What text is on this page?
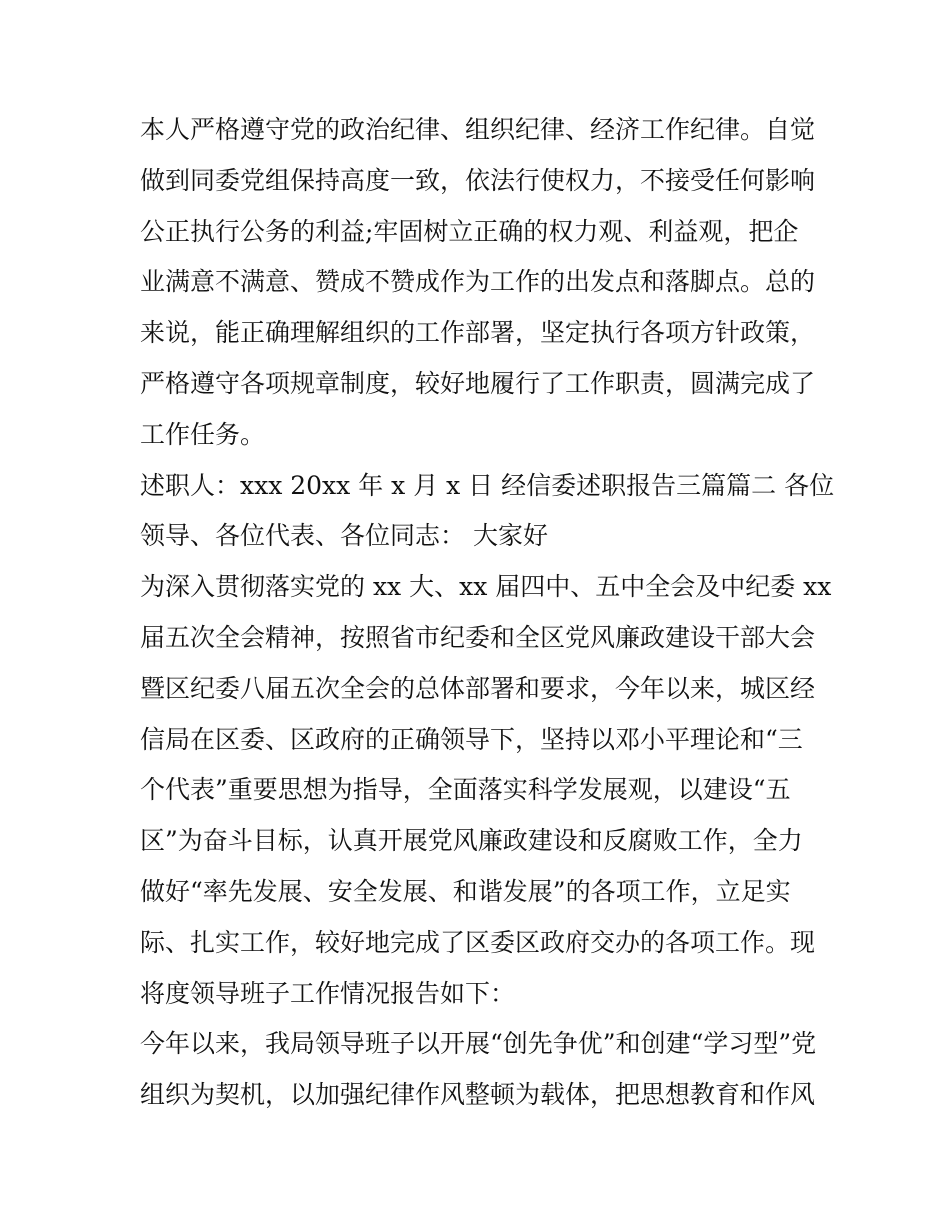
本人严格遵守党的政治纪律、组织纪律、经济工作纪律。自觉
做到同委党组保持高度一致，依法行使权力，不接受任何影响
公正执行公务的利益;牢固树立正确的权力观、利益观，把企
业满意不满意、赞成不赞成作为工作的出发点和落脚点。总的
来说，能正确理解组织的工作部署，坚定执行各项方针政策，
严格遵守各项规章制度，较好地履行了工作职责，圆满完成了
工作任务。
述职人：xxx 20xx 年 x 月 x 日 经信委述职报告三篇篇二 各位
领导、各位代表、各位同志： 大家好
为深入贯彻落实党的 xx 大、xx 届四中、五中全会及中纪委 xx
届五次全会精神，按照省市纪委和全区党风廉政建设干部大会
暨区纪委八届五次全会的总体部署和要求，今年以来，城区经
信局在区委、区政府的正确领导下，坚持以邓小平理论和“三
个代表”重要思想为指导，全面落实科学发展观，以建设“五
区”为奋斗目标，认真开展党风廉政建设和反腐败工作，全力
做好“率先发展、安全发展、和谐发展”的各项工作，立足实
际、扎实工作，较好地完成了区委区政府交办的各项工作。现
将度领导班子工作情况报告如下：
今年以来，我局领导班子以开展“创先争优”和创建“学习型”党
组织为契机，以加强纪律作风整顿为载体，把思想教育和作风
